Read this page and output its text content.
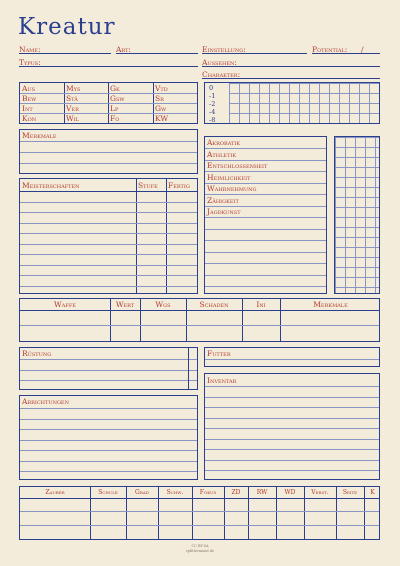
Kreatur
Name:	Art:	Einstellung:	Potential: /
Typus:	Aussehen:
Charakter:
Aus	Mys	Gk	Vtd
Bew	Stä	Gsw	Sr
Int	Ver	Lp	Gw
Kon	Wil	Fo	KW
0
-1
-2
-4
-8
Merkmale
Meisterschaften	Stufe Fertig
Akrobatik
Athletik
Entschlossenheit
Heimlichkeit
Wahrnehmung
Zähigkeit
Jagdkunst
Waffe	Wert	Wgs	Schaden	Ini	Merkmale
Rüstung	Futter
Abrichtungen
Inventar
Zauber	Schule	Grad	Schw.	Fokus	ZD	RW	WD	Verst.	Seite	K
CC BY-SA
splittermond.de
